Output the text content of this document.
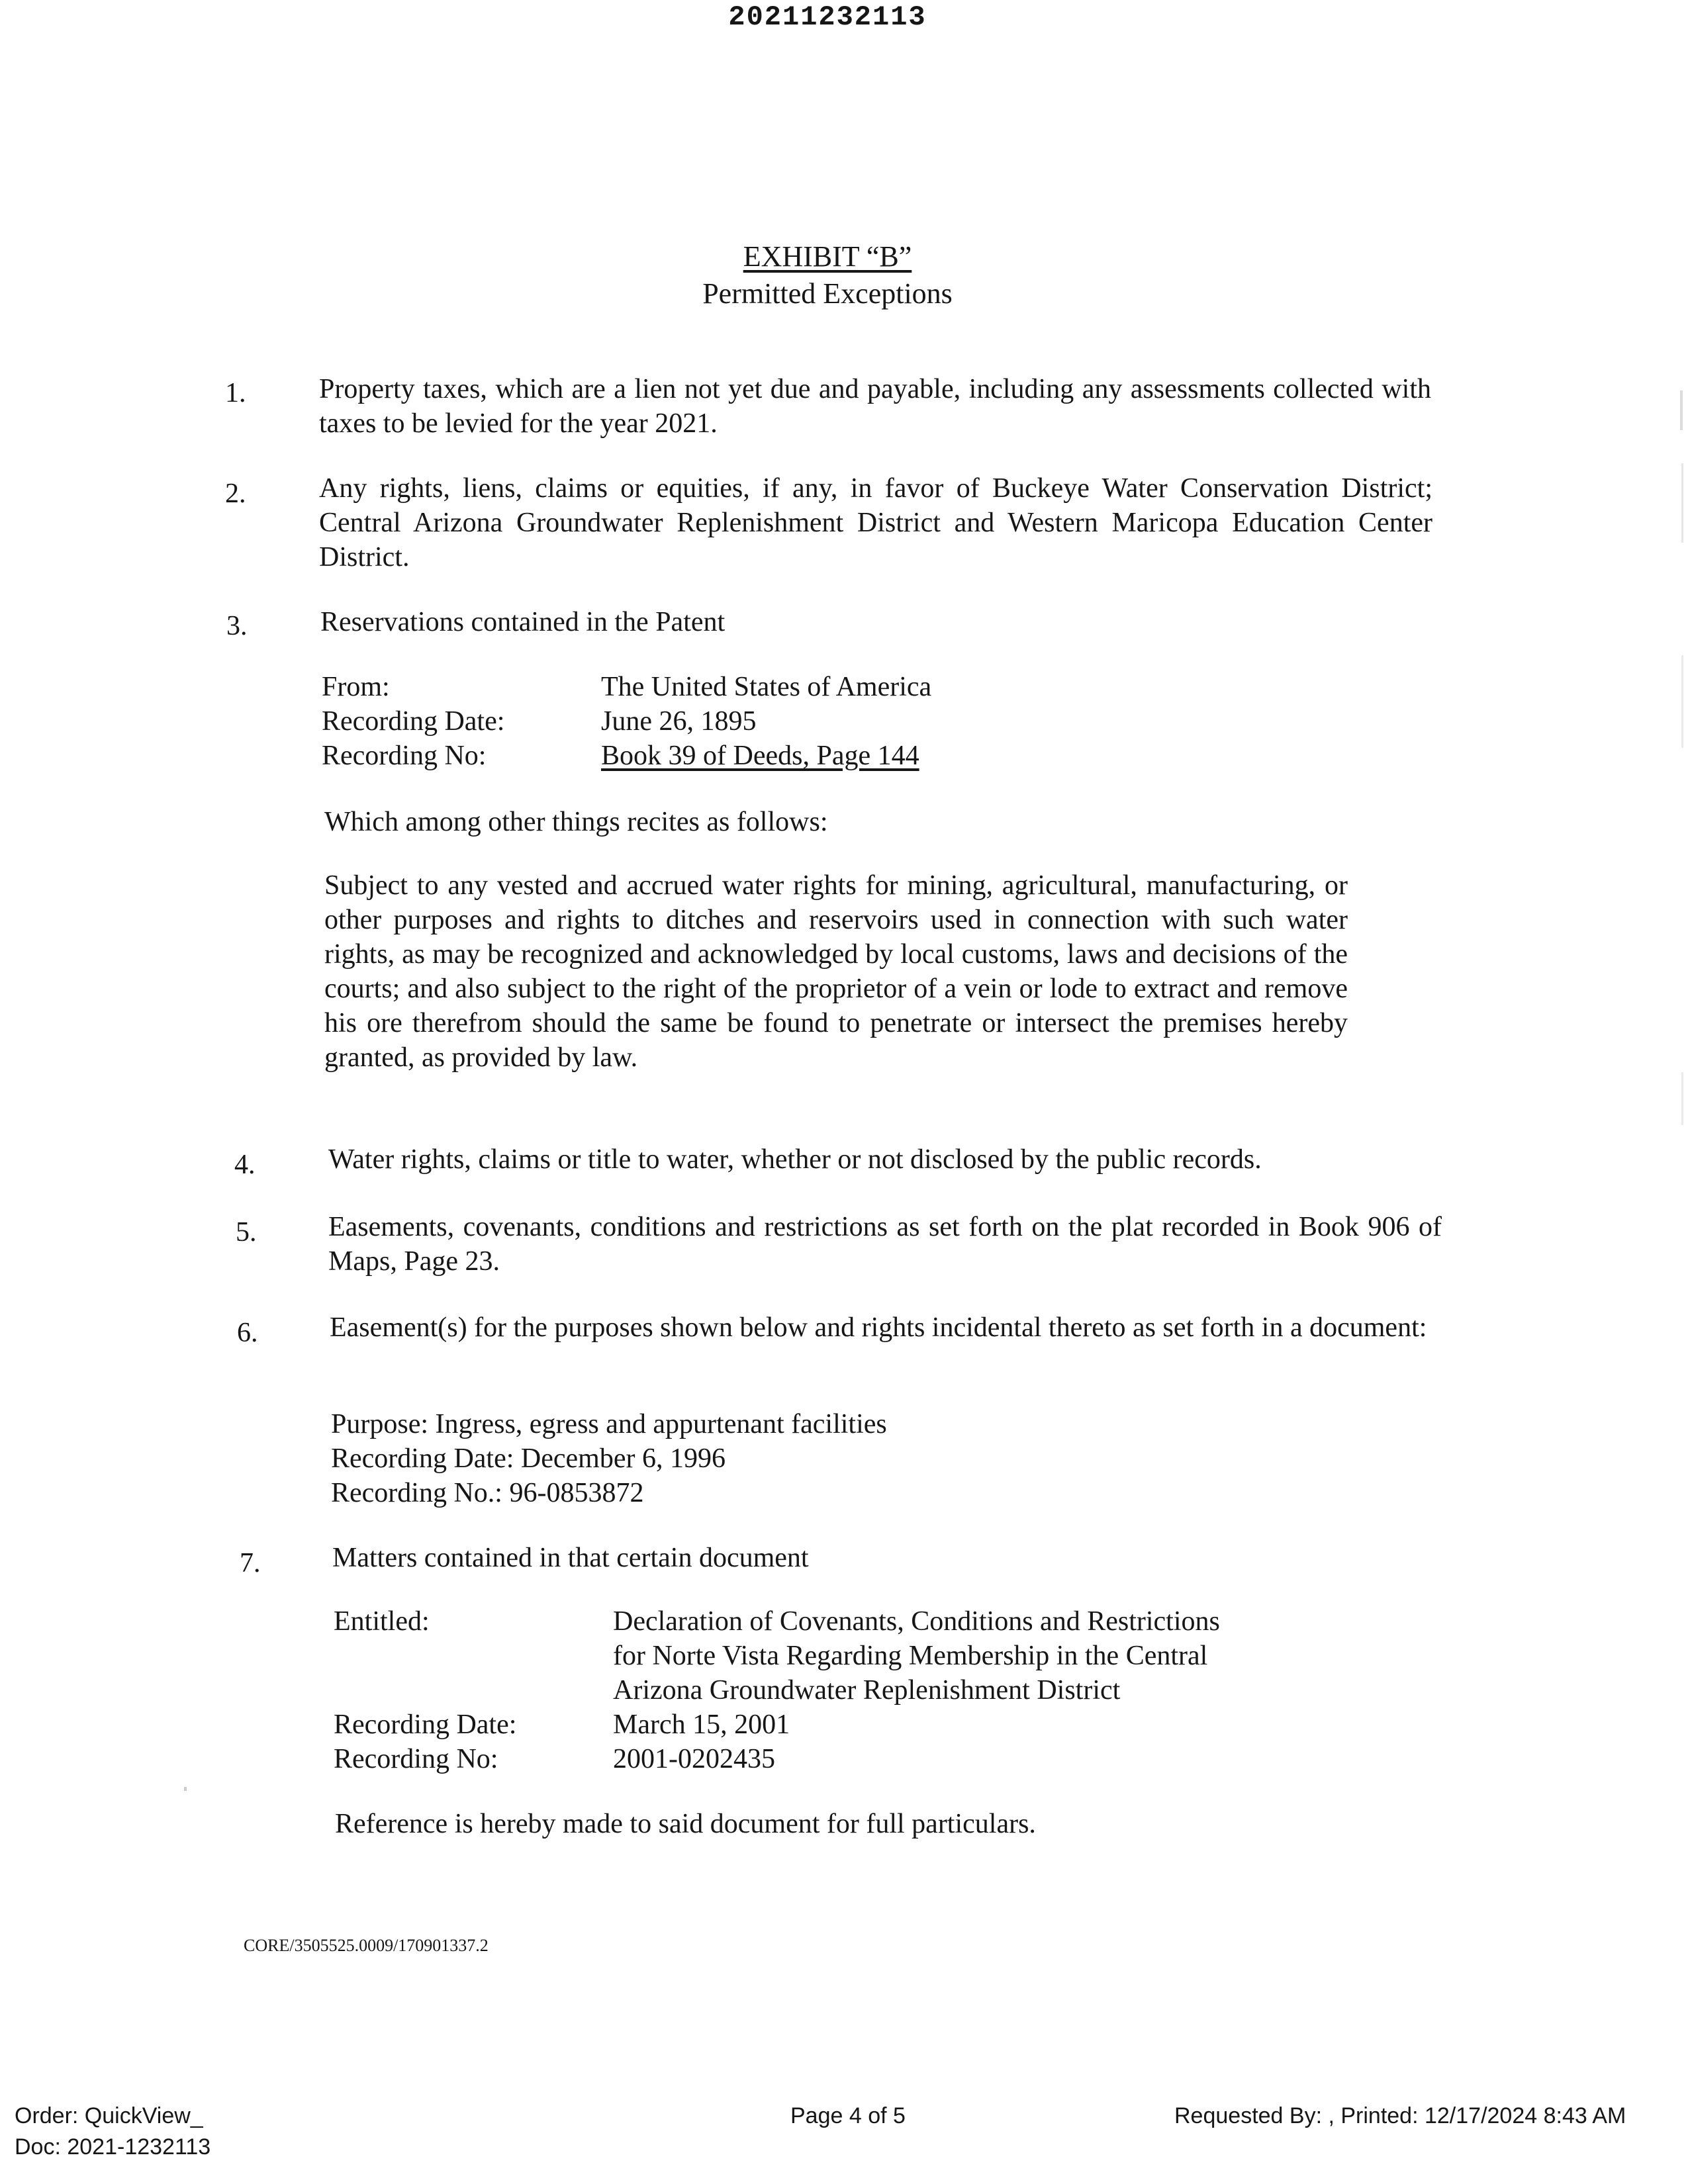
20211232113
EXHIBIT “B”
Permitted Exceptions
1.	Property taxes, which are a lien not yet due and payable, including any assessments collected with taxes to be levied for the year 2021.
2.	Any rights, liens, claims or equities, if any, in favor of Buckeye Water Conservation District; Central Arizona Groundwater Replenishment District and Western Maricopa Education Center District.
3.	Reservations contained in the Patent
From:	The United States of America
Recording Date:	June 26, 1895
Recording No:	Book 39 of Deeds, Page 144
Which among other things recites as follows:
Subject to any vested and accrued water rights for mining, agricultural, manufacturing, or other purposes and rights to ditches and reservoirs used in connection with such water rights, as may be recognized and acknowledged by local customs, laws and decisions of the courts; and also subject to the right of the proprietor of a vein or lode to extract and remove his ore therefrom should the same be found to penetrate or intersect the premises hereby granted, as provided by law.
4.	Water rights, claims or title to water, whether or not disclosed by the public records.
5.	Easements, covenants, conditions and restrictions as set forth on the plat recorded in Book 906 of Maps, Page 23.
6.	Easement(s) for the purposes shown below and rights incidental thereto as set forth in a document:
Purpose: Ingress, egress and appurtenant facilities
Recording Date: December 6, 1996
Recording No.: 96-0853872
7.	Matters contained in that certain document
Entitled:	Declaration of Covenants, Conditions and Restrictions
for Norte Vista Regarding Membership in the Central
Arizona Groundwater Replenishment District
Recording Date:	March 15, 2001
Recording No:	2001-0202435
Reference is hereby made to said document for full particulars.
CORE/3505525.0009/170901337.2
Order: QuickView_
Doc: 2021-1232113
Page 4 of 5	Requested By: , Printed: 12/17/2024 8:43 AM
